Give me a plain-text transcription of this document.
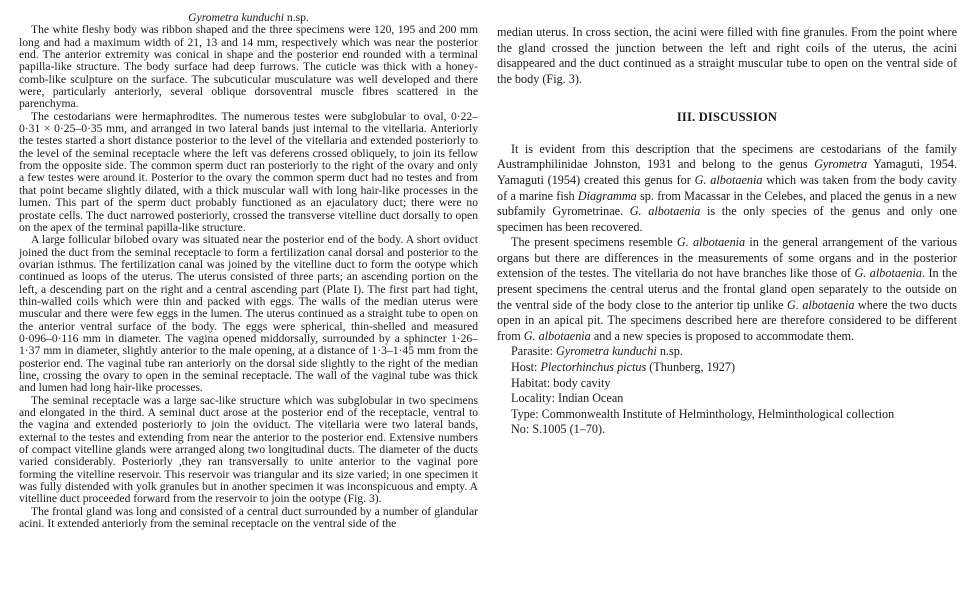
Gyrometra kunduchi n.sp.

The white fleshy body was ribbon shaped and the three specimens were 120, 195 and 200 mm long and had a maximum width of 21, 13 and 14 mm, respectively which was near the posterior end. The anterior extremity was conical in shape and the posterior end rounded with a terminal papilla-like structure. The body surface had deep furrows. The cuticle was thick with a honey-comb-like sculpture on the surface. The subcuticular musculature was well developed and there were, particularly anteriorly, several oblique dorsoventral muscle fibres scattered in the parenchyma.

The cestodarians were hermaphrodites. The numerous testes were subglobular to oval, 0·22–0·31 × 0·25–0·35 mm, and arranged in two lateral bands just internal to the vitellaria. Anteriorly the testes started a short distance posterior to the level of the vitellaria and extended posteriorly to the level of the seminal receptacle where the left vas deferens crossed obliquely, to join its fellow from the opposite side. The common sperm duct ran posteriorly to the right of the ovary and only a few testes were around it. Posterior to the ovary the common sperm duct had no testes and from that point became slightly dilated, with a thick muscular wall with long hair-like processes in the lumen. This part of the sperm duct probably functioned as an ejaculatory duct; there were no prostate cells. The duct narrowed posteriorly, crossed the transverse vitelline duct dorsally to open on the apex of the terminal papilla-like structure.

A large follicular bilobed ovary was situated near the posterior end of the body. A short oviduct joined the duct from the seminal receptacle to form a fertilization canal dorsal and posterior to the ovarian isthmus. The fertilization canal was joined by the vitelline duct to form the ootype which continued as loops of the uterus. The uterus consisted of three parts; an ascending portion on the left, a descending part on the right and a central ascending part (Plate I). The first part had tight, thin-walled coils which were thin and packed with eggs. The walls of the median uterus were muscular and there were few eggs in the lumen. The uterus continued as a straight tube to open on the anterior ventral surface of the body. The eggs were spherical, thin-shelled and measured 0·096–0·116 mm in diameter. The vagina opened middorsally, surrounded by a sphincter 1·26–1·37 mm in diameter, slightly anterior to the male opening, at a distance of 1·3–1·45 mm from the posterior end. The vaginal tube ran anteriorly on the dorsal side slightly to the right of the median line, crossing the ovary to open in the seminal receptacle. The wall of the vaginal tube was thick and lumen had long hair-like processes.

The seminal receptacle was a large sac-like structure which was subglobular in two specimens and elongated in the third. A seminal duct arose at the posterior end of the receptacle, ventral to the vagina and extended posteriorly to join the oviduct. The vitellaria were two lateral bands, external to the testes and extending from near the anterior to the posterior end. Extensive numbers of compact vitelline glands were arranged along two longitudinal ducts. The diameter of the ducts varied considerably. Posteriorly ,they ran transversally to unite anterior to the vaginal pore forming the vitelline reservoir. This reservoir was triangular and its size varied; in one specimen it was fully distended with yolk granules but in another specimen it was inconspicuous and empty. A vitelline duct proceeded forward from the reservoir to join the ootype (Fig. 3).

The frontal gland was long and consisted of a central duct surrounded by a number of glandular acini. It extended anteriorly from the seminal receptacle on the ventral side of the

median uterus. In cross section, the acini were filled with fine granules. From the point where the gland crossed the junction between the left and right coils of the uterus, the acini disappeared and the duct continued as a straight muscular tube to open on the ventral side of the body (Fig. 3).

III. DISCUSSION

It is evident from this description that the specimens are cestodarians of the family Austramphilinidae Johnston, 1931 and belong to the genus Gyrometra Yamaguti, 1954. Yamaguti (1954) created this genus for G. albotaenia which was taken from the body cavity of a marine fish Diagramma sp. from Macassar in the Celebes, and placed the genus in a new subfamily Gyrometrinae. G. albotaenia is the only species of the genus and only one specimen has been recovered.

The present specimens resemble G. albotaenia in the general arrangement of the various organs but there are differences in the measurements of some organs and in the posterior extension of the testes. The vitellaria do not have branches like those of G. albotaenia. In the present specimens the central uterus and the frontal gland open separately to the outside on the ventral side of the body close to the anterior tip unlike G. albotaenia where the two ducts open in an apical pit. The specimens described here are therefore considered to be different from G. albotaenia and a new species is proposed to accommodate them.

Parasite: Gyrometra kunduchi n.sp.
Host: Plectorhinchus pictus (Thunberg, 1927)
Habitat: body cavity
Locality: Indian Ocean
Type: Commonwealth Institute of Helminthology, Helminthological collection
No: S.1005 (1–70).
